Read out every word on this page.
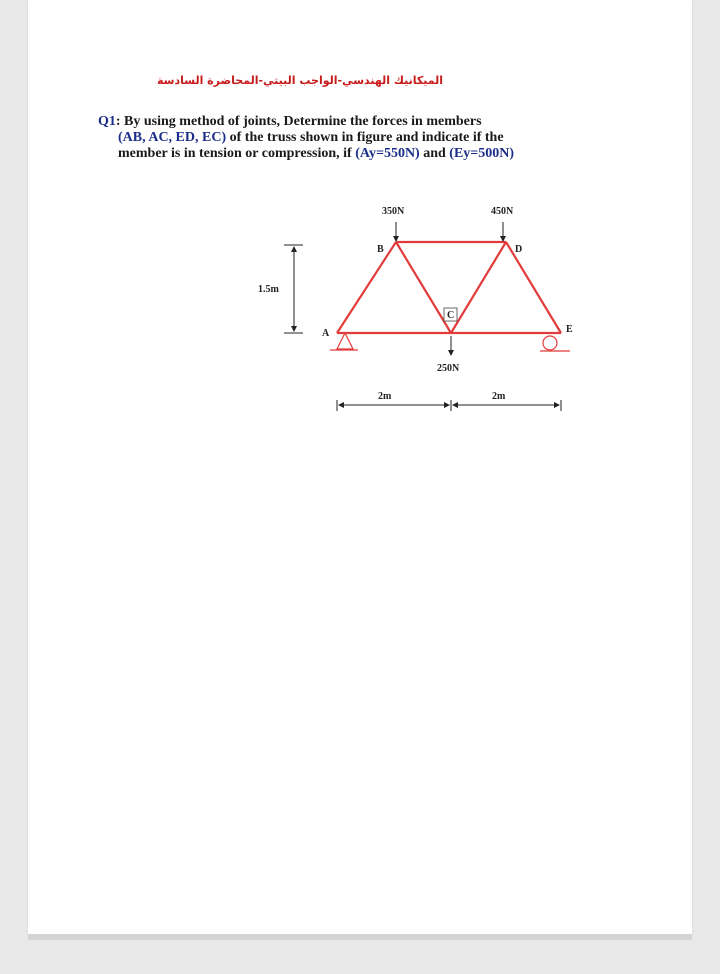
الميكانيك الهندسي-الواجب البيتي-المحاضرة السادسة
Q1: By using method of joints, Determine the forces in members
(AB, AC, ED, EC) of the truss shown in figure and indicate if the
member is in tension or compression, if (Ay=550N) and (Ey=500N)
350N	450N
250N
A
B
C
D
E
1.5m
2m	2m
